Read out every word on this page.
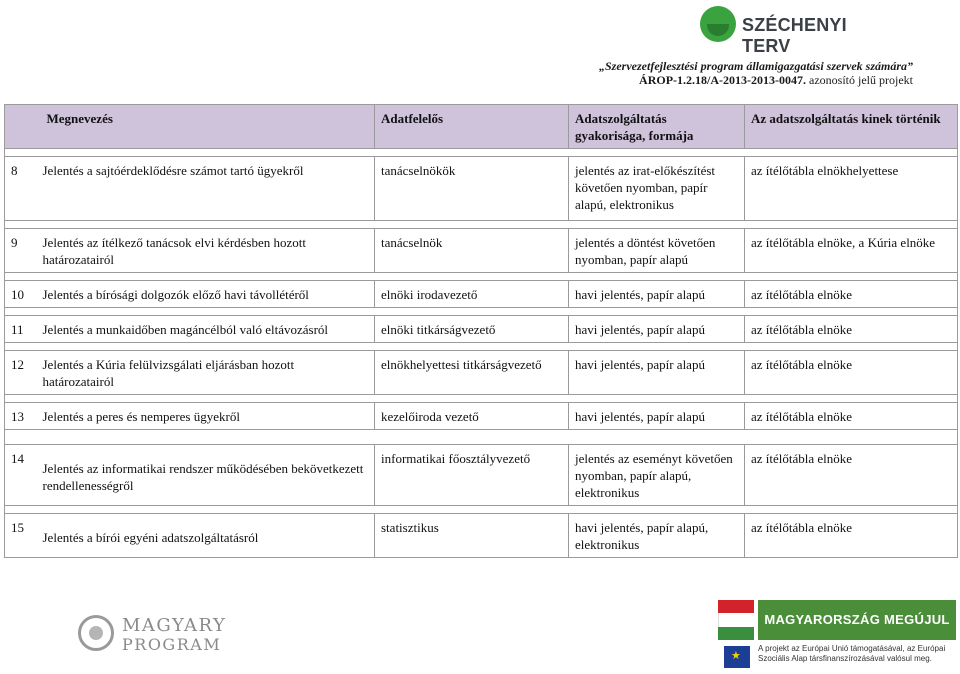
SZÉCHENYI TERV
„Szervezetfejlesztési program államigazgatási szervek számára”
ÁROP-1.2.18/A-2013-2013-0047. azonosító jelű projekt
	Megnevezés	Adatfelelős	Adatszolgáltatás gyakorisága, formája	Az adatszolgáltatás kinek történik

8	Jelentés a sajtóérdeklődésre számot tartó ügyekről	tanácselnökök	jelentés az irat-előkészítést követően nyomban, papír alapú, elektronikus	az ítélőtábla elnökhelyettese

9	Jelentés az ítélkező tanácsok elvi kérdésben hozott határozatairól	tanácselnök	jelentés a döntést követően nyomban, papír alapú	az ítélőtábla elnöke, a Kúria elnöke

10	Jelentés a bírósági dolgozók előző havi távollétéről	elnöki irodavezető	havi jelentés, papír alapú	az ítélőtábla elnöke

11	Jelentés a munkaidőben magáncélból való eltávozásról	elnöki titkárságvezető	havi jelentés, papír alapú	az ítélőtábla elnöke

12	Jelentés a Kúria felülvizsgálati eljárásban hozott határozatairól	elnökhelyettesi titkárságvezető	havi jelentés, papír alapú	az ítélőtábla elnöke

13	Jelentés a peres és nemperes ügyekről	kezelőiroda vezető	havi jelentés, papír alapú	az ítélőtábla elnöke

14	Jelentés az informatikai rendszer működésében bekövetkezett rendellenességről	informatikai főosztályvezető	jelentés az eseményt követően nyomban, papír alapú, elektronikus	az ítélőtábla elnöke

15	Jelentés a bírói egyéni adatszolgáltatásról	statisztikus	havi jelentés, papír alapú, elektronikus	az ítélőtábla elnöke
MAGYARY
PROGRAM
MAGYARORSZÁG MEGÚJUL
★
A projekt az Európai Unió támogatásával, az Európai Szociális Alap társfinanszírozásával valósul meg.
